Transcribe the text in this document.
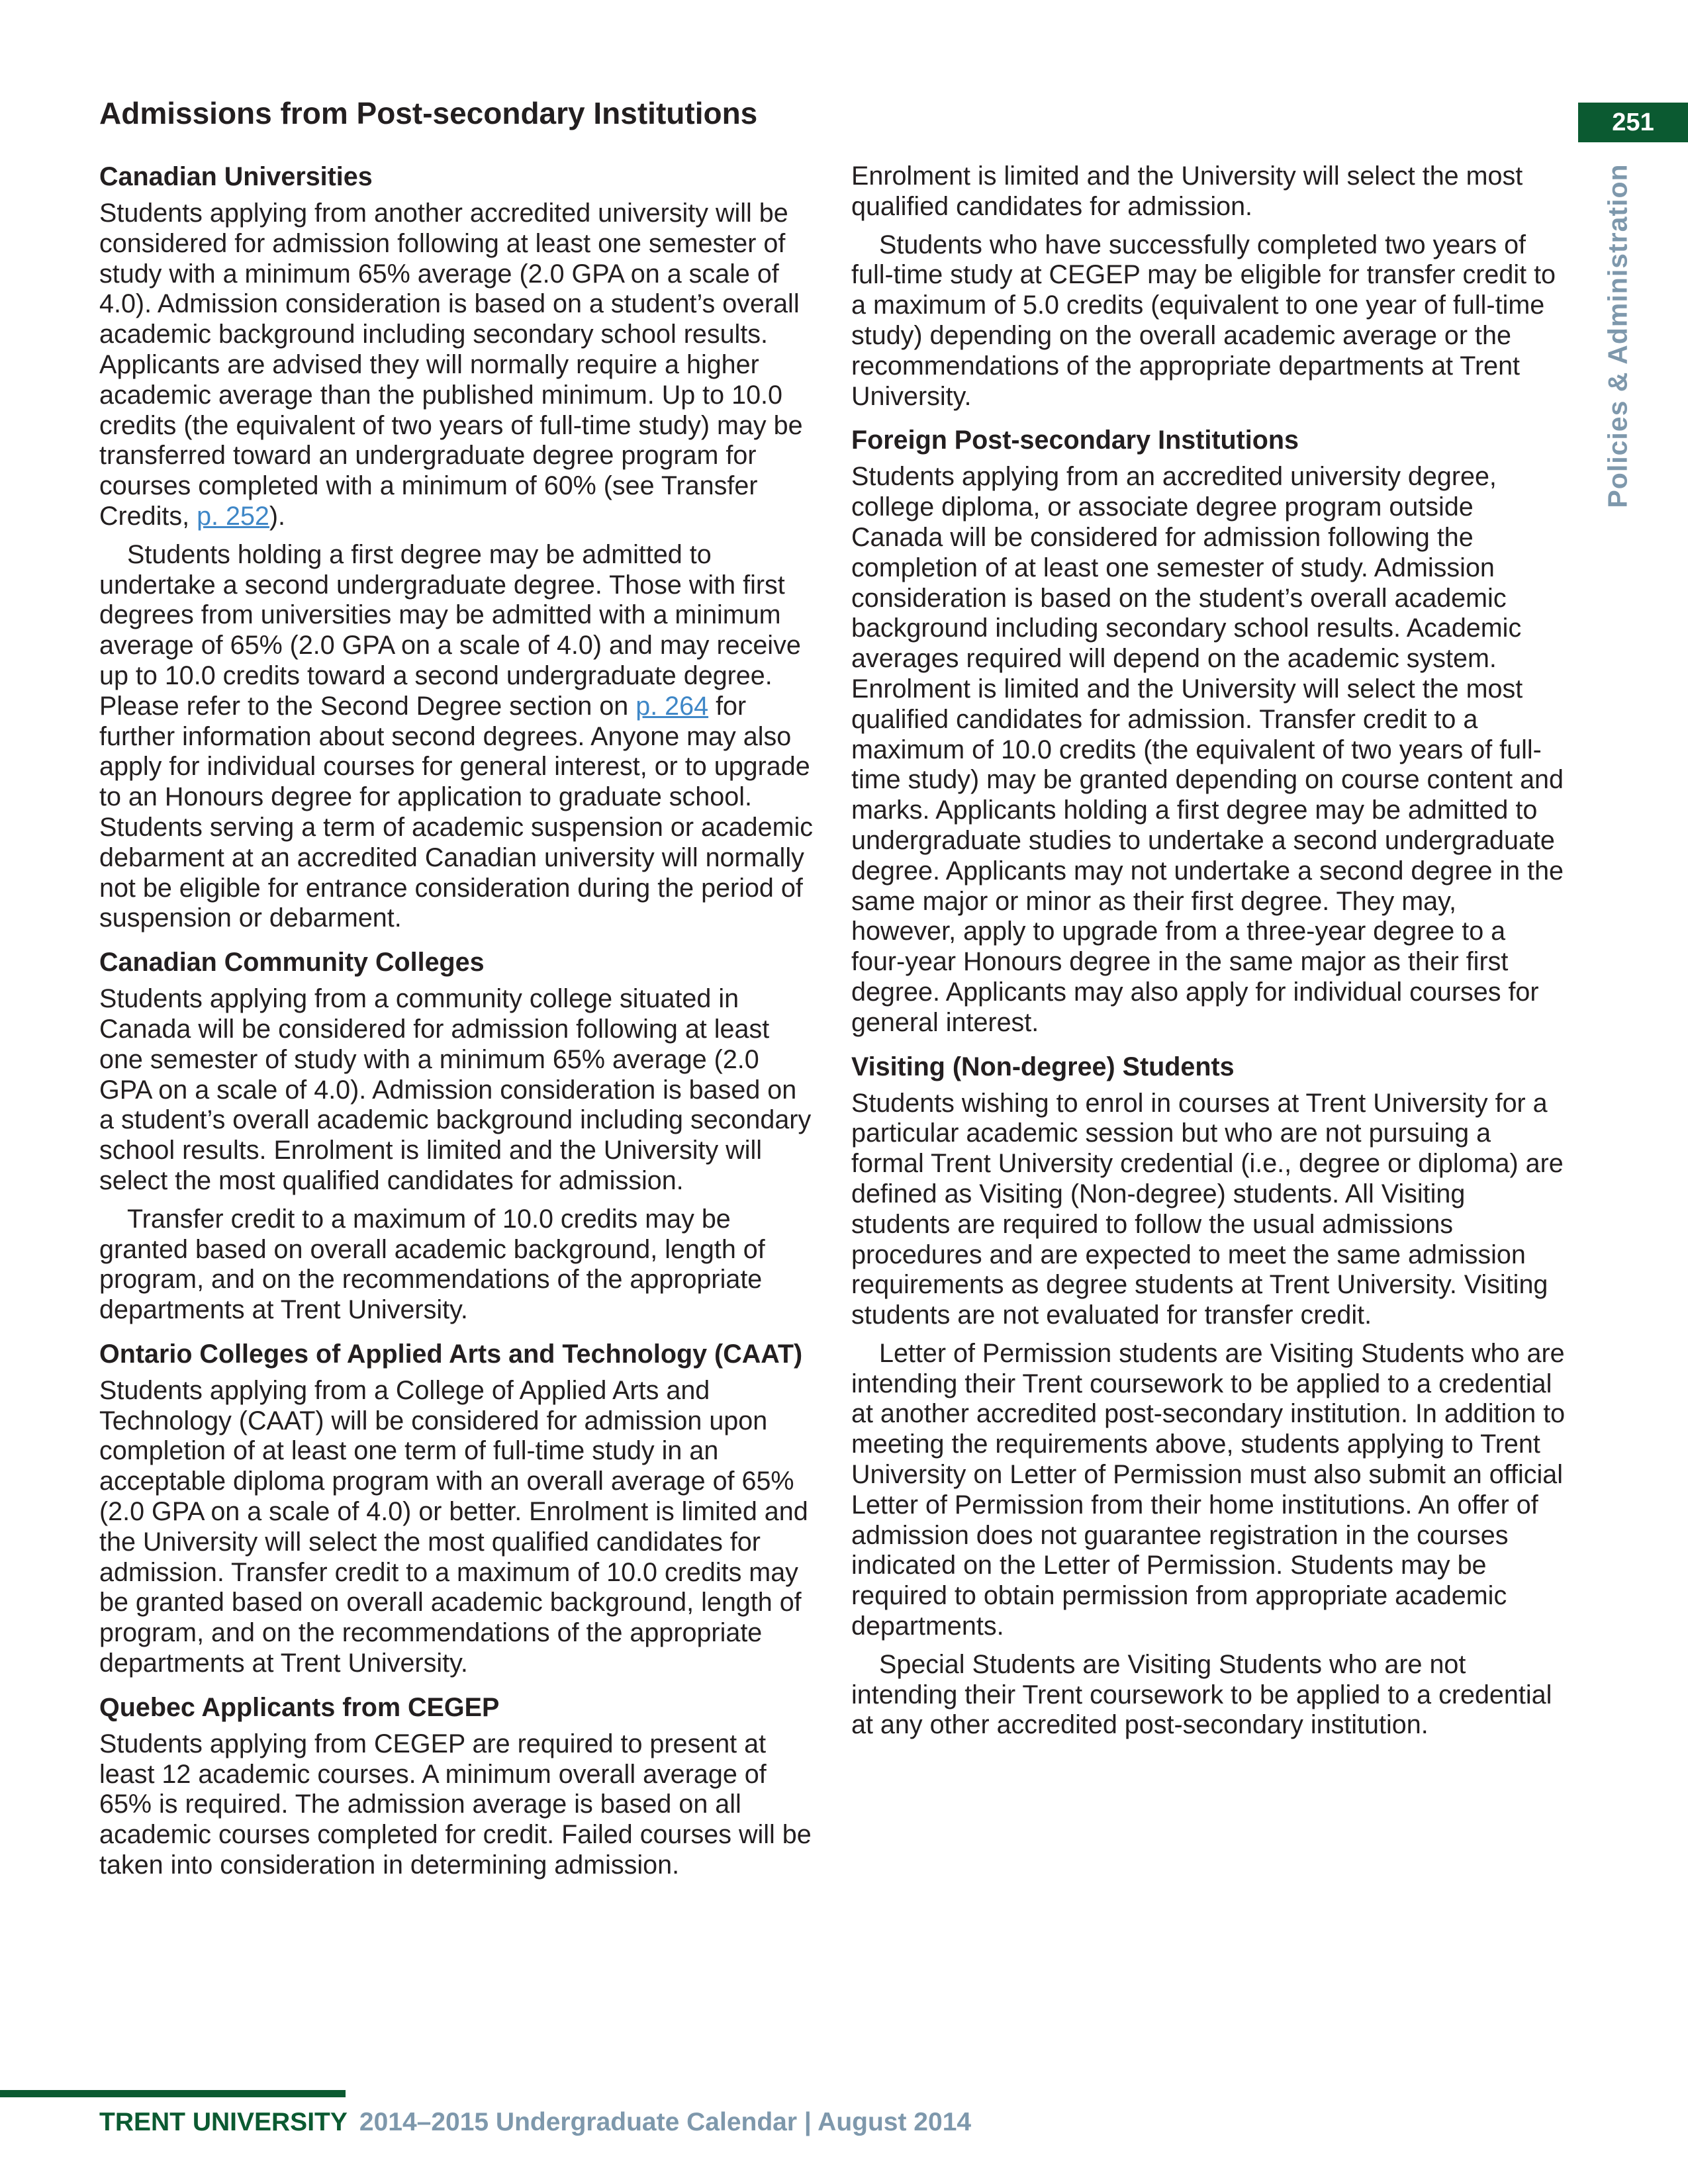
Admissions from Post-secondary Institutions	251
Policies & Administration
Canadian Universities

Students applying from another accredited university will be considered for admission following at least one semester of study with a minimum 65% average (2.0 GPA on a scale of 4.0). Admission consideration is based on a student’s overall academic background including secondary school results. Applicants are advised they will normally require a higher academic average than the published minimum. Up to 10.0 credits (the equivalent of two years of full-time study) may be transferred toward an undergraduate degree program for courses completed with a minimum of 60% (see Transfer Credits, p. 252).

Students holding a first degree may be admitted to undertake a second undergraduate degree. Those with first degrees from universities may be admitted with a minimum average of 65% (2.0 GPA on a scale of 4.0) and may receive up to 10.0 credits toward a second undergraduate degree. Please refer to the Second Degree section on p. 264 for further information about second degrees. Anyone may also apply for individual courses for general interest, or to upgrade to an Honours degree for application to graduate school. Students serving a term of academic suspension or academic debarment at an accredited Canadian university will normally not be eligible for entrance consideration during the period of suspension or debarment.

Canadian Community Colleges

Students applying from a community college situated in Canada will be considered for admission following at least one semester of study with a minimum 65% average (2.0 GPA on a scale of 4.0). Admission consideration is based on a student’s overall academic background including secondary school results. Enrolment is limited and the University will select the most qualified candidates for admission.

Transfer credit to a maximum of 10.0 credits may be granted based on overall academic background, length of program, and on the recommendations of the appropriate departments at Trent University.

Ontario Colleges of Applied Arts and Technology (CAAT)

Students applying from a College of Applied Arts and Technology (CAAT) will be considered for admission upon completion of at least one term of full-time study in an acceptable diploma program with an overall average of 65% (2.0 GPA on a scale of 4.0) or better. Enrolment is limited and the University will select the most qualified candidates for admission. Transfer credit to a maximum of 10.0 credits may be granted based on overall academic background, length of program, and on the recommendations of the appropriate departments at Trent University.

Quebec Applicants from CEGEP

Students applying from CEGEP are required to present at least 12 academic courses. A minimum overall average of 65% is required. The admission average is based on all academic courses completed for credit. Failed courses will be taken into consideration in determining admission.

Enrolment is limited and the University will select the most qualified candidates for admission.

Students who have successfully completed two years of full-time study at CEGEP may be eligible for transfer credit to a maximum of 5.0 credits (equivalent to one year of full-time study) depending on the overall academic average or the recommendations of the appropriate departments at Trent University.

Foreign Post-secondary Institutions

Students applying from an accredited university degree, college diploma, or associate degree program outside Canada will be considered for admission following the completion of at least one semester of study. Admission consideration is based on the student’s overall academic background including secondary school results. Academic averages required will depend on the academic system. Enrolment is limited and the University will select the most qualified candidates for admission. Transfer credit to a maximum of 10.0 credits (the equivalent of two years of full-time study) may be granted depending on course content and marks. Applicants holding a first degree may be admitted to undergraduate studies to undertake a second undergraduate degree. Applicants may not undertake a second degree in the same major or minor as their first degree. They may, however, apply to upgrade from a three-year degree to a four-year Honours degree in the same major as their first degree. Applicants may also apply for individual courses for general interest.

Visiting (Non-degree) Students

Students wishing to enrol in courses at Trent University for a particular academic session but who are not pursuing a formal Trent University credential (i.e., degree or diploma) are defined as Visiting (Non-degree) students. All Visiting students are required to follow the usual admissions procedures and are expected to meet the same admission requirements as degree students at Trent University. Visiting students are not evaluated for transfer credit.

Letter of Permission students are Visiting Students who are intending their Trent coursework to be applied to a credential at another accredited post-secondary institution. In addition to meeting the requirements above, students applying to Trent University on Letter of Permission must also submit an official Letter of Permission from their home institutions. An offer of admission does not guarantee registration in the courses indicated on the Letter of Permission. Students may be required to obtain permission from appropriate academic departments.

Special Students are Visiting Students who are not intending their Trent coursework to be applied to a credential at any other accredited post-secondary institution.

TRENT UNIVERSITY 2014–2015 Undergraduate Calendar | August 2014
